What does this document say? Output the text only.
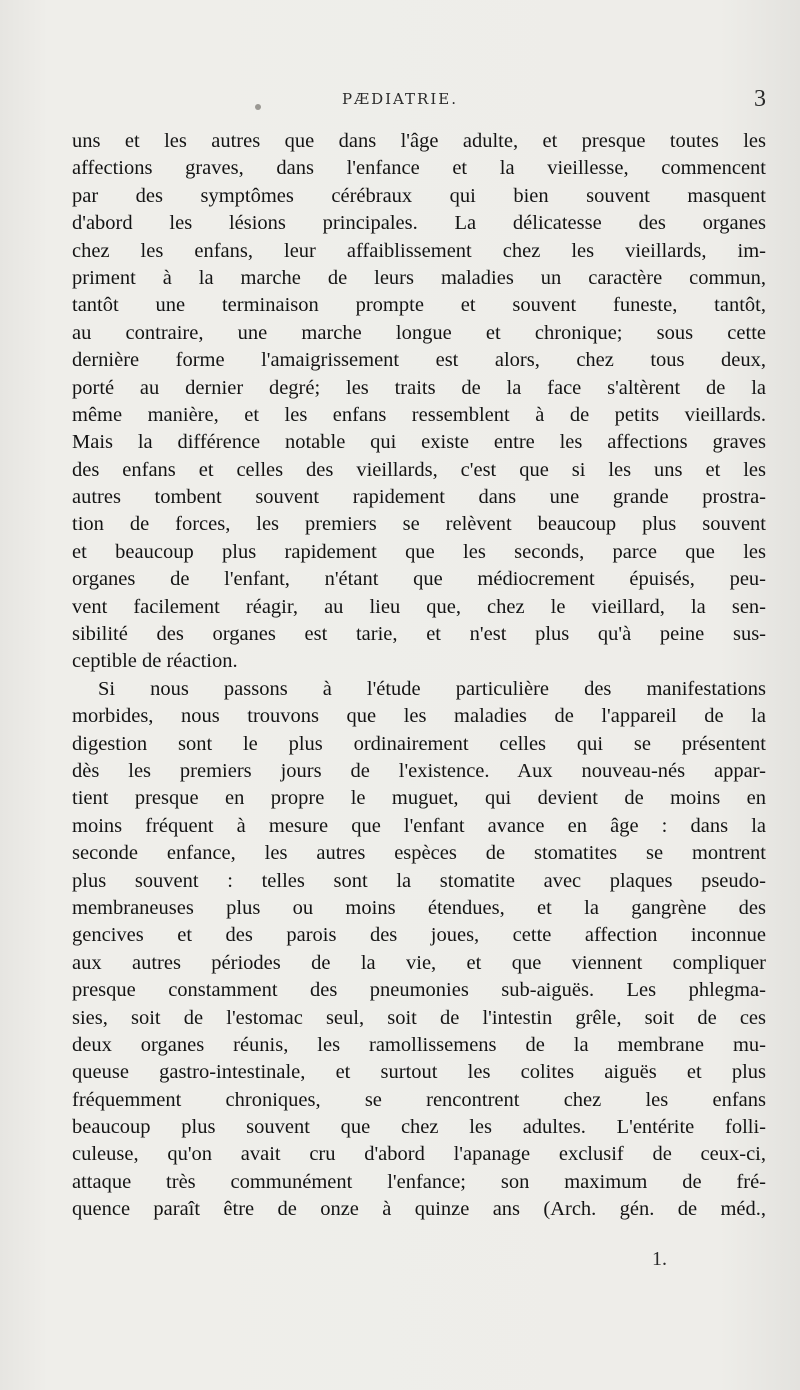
PÆDIATRIE.	3
uns et les autres que dans l'âge adulte, et presque toutes les
affections graves, dans l'enfance et la vieillesse, commencent
par des symptômes cérébraux qui bien souvent masquent
d'abord les lésions principales. La délicatesse des organes
chez les enfans, leur affaiblissement chez les vieillards, im-
priment à la marche de leurs maladies un caractère commun,
tantôt une terminaison prompte et souvent funeste, tantôt,
au contraire, une marche longue et chronique; sous cette
dernière forme l'amaigrissement est alors, chez tous deux,
porté au dernier degré; les traits de la face s'altèrent de la
même manière, et les enfans ressemblent à de petits vieillards.
Mais la différence notable qui existe entre les affections graves
des enfans et celles des vieillards, c'est que si les uns et les
autres tombent souvent rapidement dans une grande prostra-
tion de forces, les premiers se relèvent beaucoup plus souvent
et beaucoup plus rapidement que les seconds, parce que les
organes de l'enfant, n'étant que médiocrement épuisés, peu-
vent facilement réagir, au lieu que, chez le vieillard, la sen-
sibilité des organes est tarie, et n'est plus qu'à peine sus-
ceptible de réaction.
Si nous passons à l'étude particulière des manifestations
morbides, nous trouvons que les maladies de l'appareil de la
digestion sont le plus ordinairement celles qui se présentent
dès les premiers jours de l'existence. Aux nouveau-nés appar-
tient presque en propre le muguet, qui devient de moins en
moins fréquent à mesure que l'enfant avance en âge : dans la
seconde enfance, les autres espèces de stomatites se montrent
plus souvent : telles sont la stomatite avec plaques pseudo-
membraneuses plus ou moins étendues, et la gangrène des
gencives et des parois des joues, cette affection inconnue
aux autres périodes de la vie, et que viennent compliquer
presque constamment des pneumonies sub-aiguës. Les phlegma-
sies, soit de l'estomac seul, soit de l'intestin grêle, soit de ces
deux organes réunis, les ramollissemens de la membrane mu-
queuse gastro-intestinale, et surtout les colites aiguës et plus
fréquemment chroniques, se rencontrent chez les enfans
beaucoup plus souvent que chez les adultes. L'entérite folli-
culeuse, qu'on avait cru d'abord l'apanage exclusif de ceux-ci,
attaque très communément l'enfance; son maximum de fré-
quence paraît être de onze à quinze ans (Arch. gén. de méd.,
1.
